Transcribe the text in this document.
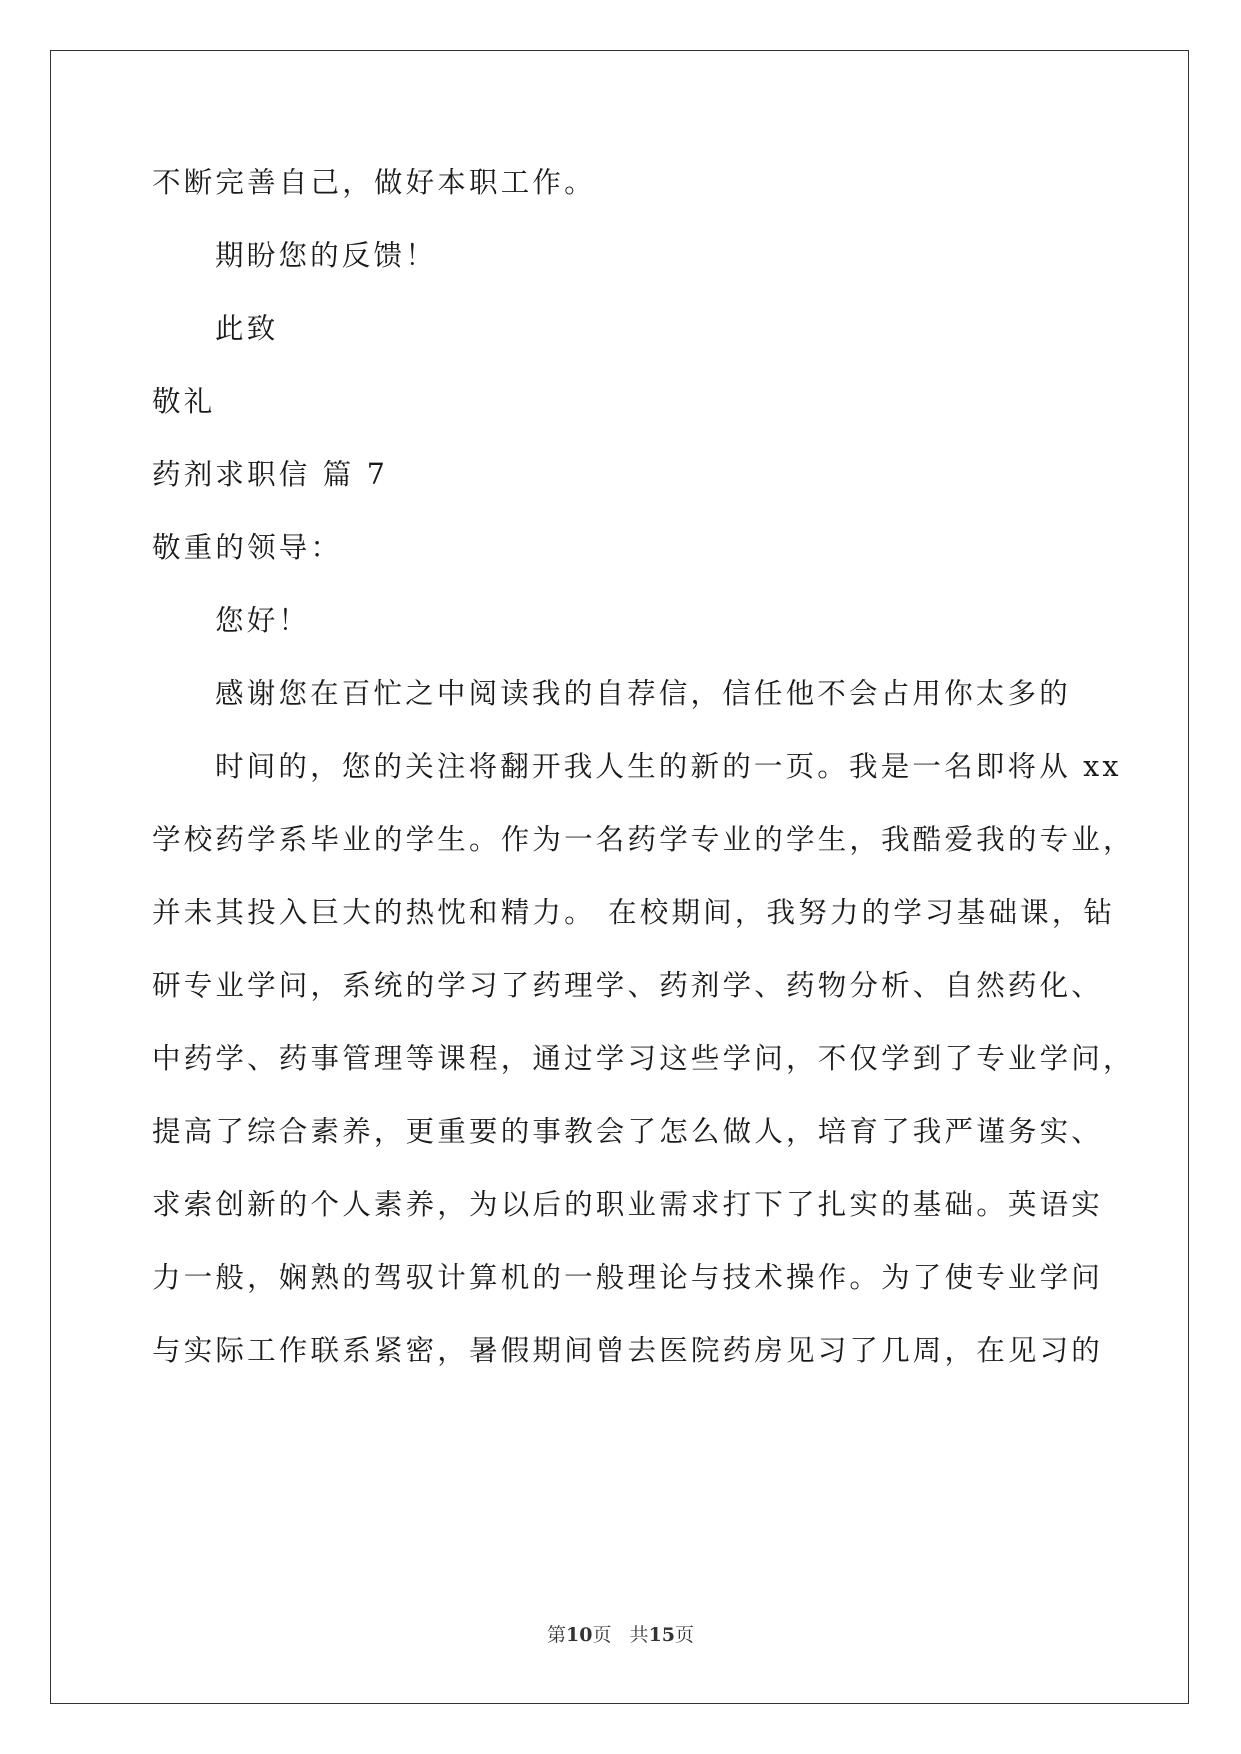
不断完善自己，做好本职工作。
期盼您的反馈！
此致
敬礼
药剂求职信 篇 7
敬重的领导：
您好！
感谢您在百忙之中阅读我的自荐信，信任他不会占用你太多的
时间的，您的关注将翻开我人生的新的一页。我是一名即将从 xx
学校药学系毕业的学生。作为一名药学专业的学生，我酷爱我的专业，
并未其投入巨大的热忱和精力。 在校期间，我努力的学习基础课，钻
研专业学问，系统的学习了药理学、药剂学、药物分析、自然药化、
中药学、药事管理等课程，通过学习这些学问，不仅学到了专业学问，
提高了综合素养，更重要的事教会了怎么做人，培育了我严谨务实、
求索创新的个人素养，为以后的职业需求打下了扎实的基础。英语实
力一般，娴熟的驾驭计算机的一般理论与技术操作。为了使专业学问
与实际工作联系紧密，暑假期间曾去医院药房见习了几周，在见习的
第10页   共15页
